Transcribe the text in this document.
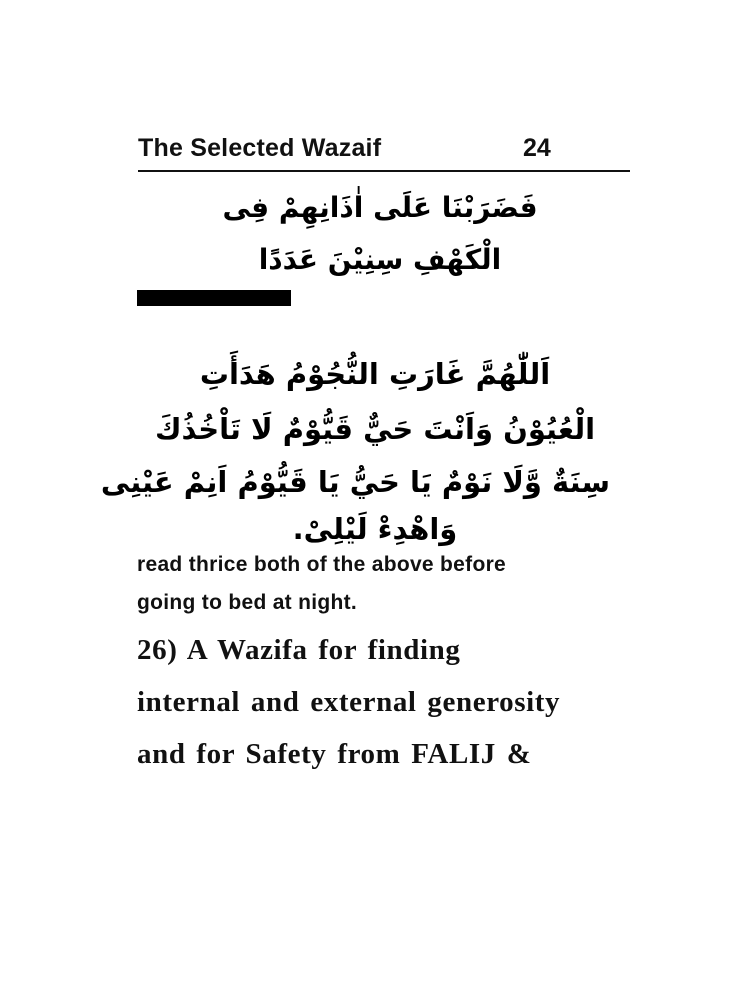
The Selected Wazaif	24
فَضَرَبْنَا عَلَى اٰذَانِهِمْ فِى
الْكَهْفِ سِنِيْنَ عَدَدًا
اَللّٰهُمَّ غَارَتِ النُّجُوْمُ هَدَأَتِ
الْعُيُوْنُ وَاَنْتَ حَيٌّ قَيُّوْمٌ لَا تَاْخُذُكَ
سِنَةٌ وَّلَا نَوْمٌ يَا حَيُّ يَا قَيُّوْمُ اَنِمْ عَيْنِى
وَاهْدِءْ لَيْلِىْ.
read thrice both of the above before
going to bed at night.
26) A Wazifa for finding
internal and external generosity
and for Safety from FALIJ &
